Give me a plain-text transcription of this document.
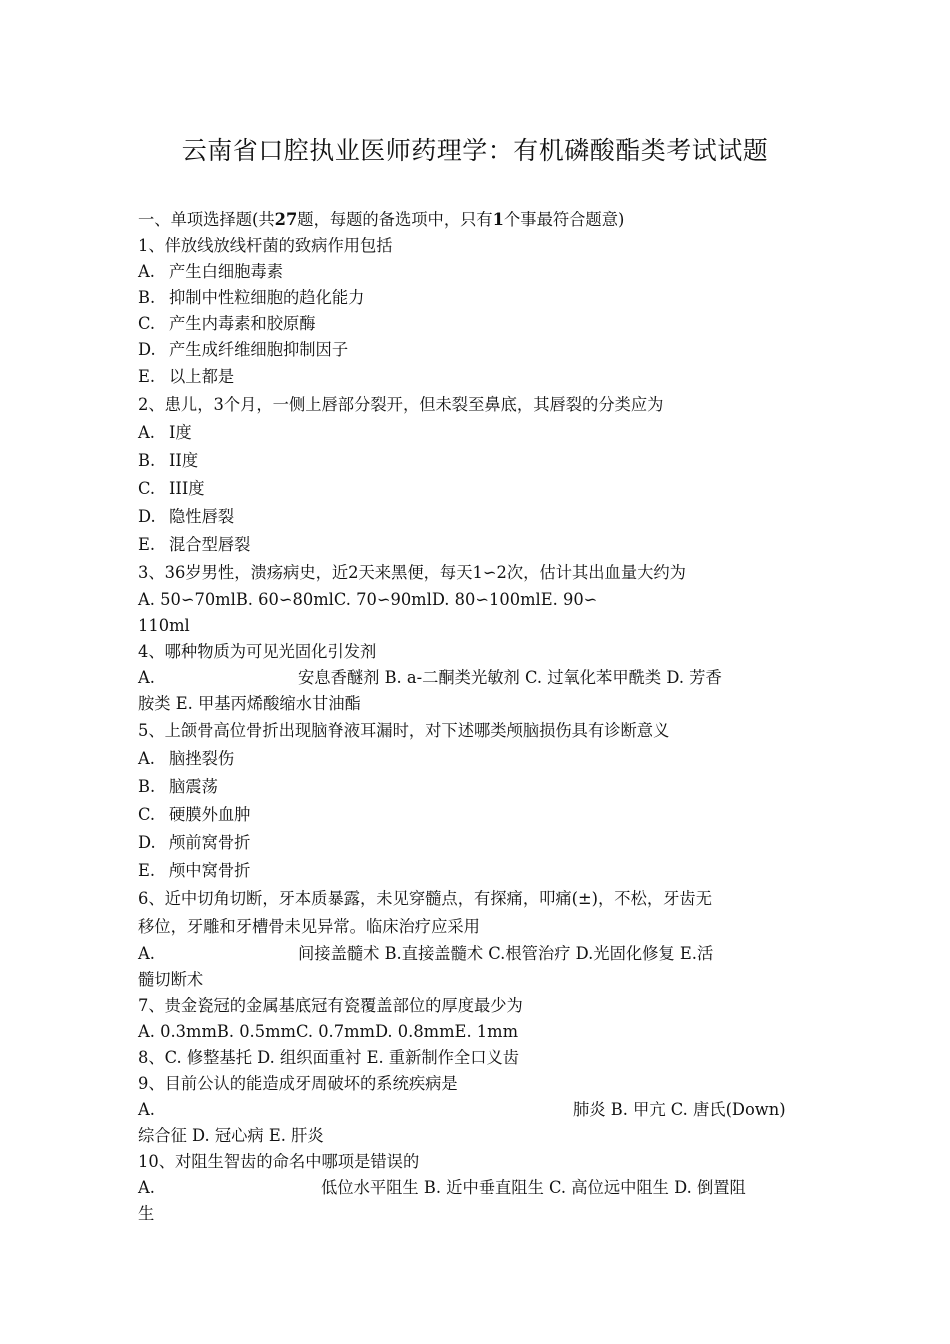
云南省口腔执业医师药理学：有机磷酸酯类考试试题
一、单项选择题(共27题，每题的备选项中，只有1个事最符合题意)
1、伴放线放线杆菌的致病作用包括
A. 产生白细胞毒素
B. 抑制中性粒细胞的趋化能力
C. 产生内毒素和胶原酶
D. 产生成纤维细胞抑制因子
E. 以上都是
2、患儿，3个月，一侧上唇部分裂开，但未裂至鼻底，其唇裂的分类应为
A. I度
B. II度
C. III度
D. 隐性唇裂
E. 混合型唇裂
3、36岁男性，溃疡病史，近2天来黑便，每天1∽2次，估计其出血量大约为
A. 50∽70mlB. 60∽80mlC. 70∽90mlD. 80∽100mlE. 90∽
110ml
4、哪种物质为可见光固化引发剂
A.	安息香醚剂 B. a-二酮类光敏剂 C. 过氧化苯甲酰类 D. 芳香
胺类 E. 甲基丙烯酸缩水甘油酯
5、上颌骨高位骨折出现脑脊液耳漏时，对下述哪类颅脑损伤具有诊断意义
A. 脑挫裂伤
B. 脑震荡
C. 硬膜外血肿
D. 颅前窝骨折
E. 颅中窝骨折
6、近中切角切断，牙本质暴露，未见穿髓点，有探痛，叩痛(±)，不松，牙齿无
移位，牙雕和牙槽骨未见异常。临床治疗应采用
A.	间接盖髓术 B.直接盖髓术 C.根管治疗 D.光固化修复 E.活
髓切断术
7、贵金瓷冠的金属基底冠有瓷覆盖部位的厚度最少为
A. 0.3mmB. 0.5mmC. 0.7mmD. 0.8mmE. 1mm
8、C. 修整基托 D. 组织面重衬 E. 重新制作全口义齿
9、目前公认的能造成牙周破坏的系统疾病是
A.	肺炎 B. 甲亢 C. 唐氏(Down)
综合征 D. 冠心病 E. 肝炎
10、对阻生智齿的命名中哪项是错误的
A.	低位水平阻生 B. 近中垂直阻生 C. 高位远中阻生 D. 倒置阻
生
